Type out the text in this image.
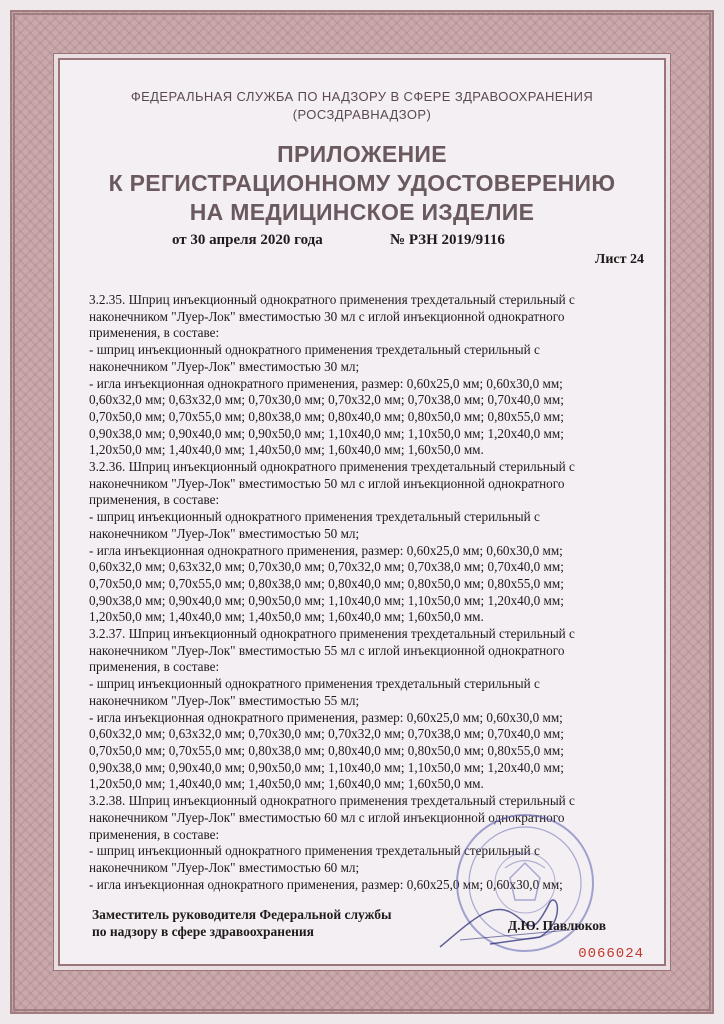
ФЕДЕРАЛЬНАЯ СЛУЖБА ПО НАДЗОРУ В СФЕРЕ ЗДРАВООХРАНЕНИЯ
(РОСЗДРАВНАДЗОР)
ПРИЛОЖЕНИЕ
К РЕГИСТРАЦИОННОМУ УДОСТОВЕРЕНИЮ
НА МЕДИЦИНСКОЕ ИЗДЕЛИЕ
от 30 апреля 2020 года	№ РЗН 2019/9116
Лист 24

3.2.35. Шприц инъекционный однократного применения трехдетальный стерильный с

наконечником "Луер-Лок" вместимостью 30 мл с иглой инъекционной однократного

применения, в составе:

- шприц инъекционный однократного применения трехдетальный стерильный с

наконечником "Луер-Лок" вместимостью 30 мл;

- игла инъекционная однократного применения, размер: 0,60x25,0 мм; 0,60x30,0 мм;

0,60x32,0 мм; 0,63x32,0 мм; 0,70x30,0 мм; 0,70x32,0 мм; 0,70x38,0 мм; 0,70x40,0 мм;

0,70x50,0 мм; 0,70x55,0 мм; 0,80x38,0 мм; 0,80x40,0 мм; 0,80x50,0 мм; 0,80x55,0 мм;

0,90x38,0 мм; 0,90x40,0 мм; 0,90x50,0 мм; 1,10x40,0 мм; 1,10x50,0 мм; 1,20x40,0 мм;

1,20x50,0 мм; 1,40x40,0 мм; 1,40x50,0 мм; 1,60x40,0 мм; 1,60x50,0 мм.

3.2.36. Шприц инъекционный однократного применения трехдетальный стерильный с

наконечником "Луер-Лок" вместимостью 50 мл с иглой инъекционной однократного

применения, в составе:

- шприц инъекционный однократного применения трехдетальный стерильный с

наконечником "Луер-Лок" вместимостью 50 мл;

- игла инъекционная однократного применения, размер: 0,60x25,0 мм; 0,60x30,0 мм;

0,60x32,0 мм; 0,63x32,0 мм; 0,70x30,0 мм; 0,70x32,0 мм; 0,70x38,0 мм; 0,70x40,0 мм;

0,70x50,0 мм; 0,70x55,0 мм; 0,80x38,0 мм; 0,80x40,0 мм; 0,80x50,0 мм; 0,80x55,0 мм;

0,90x38,0 мм; 0,90x40,0 мм; 0,90x50,0 мм; 1,10x40,0 мм; 1,10x50,0 мм; 1,20x40,0 мм;

1,20x50,0 мм; 1,40x40,0 мм; 1,40x50,0 мм; 1,60x40,0 мм; 1,60x50,0 мм.

3.2.37. Шприц инъекционный однократного применения трехдетальный стерильный с

наконечником "Луер-Лок" вместимостью 55 мл с иглой инъекционной однократного

применения, в составе:

- шприц инъекционный однократного применения трехдетальный стерильный с

наконечником "Луер-Лок" вместимостью 55 мл;

- игла инъекционная однократного применения, размер: 0,60x25,0 мм; 0,60x30,0 мм;

0,60x32,0 мм; 0,63x32,0 мм; 0,70x30,0 мм; 0,70x32,0 мм; 0,70x38,0 мм; 0,70x40,0 мм;

0,70x50,0 мм; 0,70x55,0 мм; 0,80x38,0 мм; 0,80x40,0 мм; 0,80x50,0 мм; 0,80x55,0 мм;

0,90x38,0 мм; 0,90x40,0 мм; 0,90x50,0 мм; 1,10x40,0 мм; 1,10x50,0 мм; 1,20x40,0 мм;

1,20x50,0 мм; 1,40x40,0 мм; 1,40x50,0 мм; 1,60x40,0 мм; 1,60x50,0 мм.

3.2.38. Шприц инъекционный однократного применения трехдетальный стерильный с

наконечником "Луер-Лок" вместимостью 60 мл с иглой инъекционной однократного

применения, в составе:

- шприц инъекционный однократного применения трехдетальный стерильный с

наконечником "Луер-Лок" вместимостью 60 мл;

- игла инъекционная однократного применения, размер: 0,60x25,0 мм; 0,60x30,0 мм;

Заместитель руководителя Федеральной службы
по надзору в сфере здравоохранения	Д.Ю. Павлюков
0066024
